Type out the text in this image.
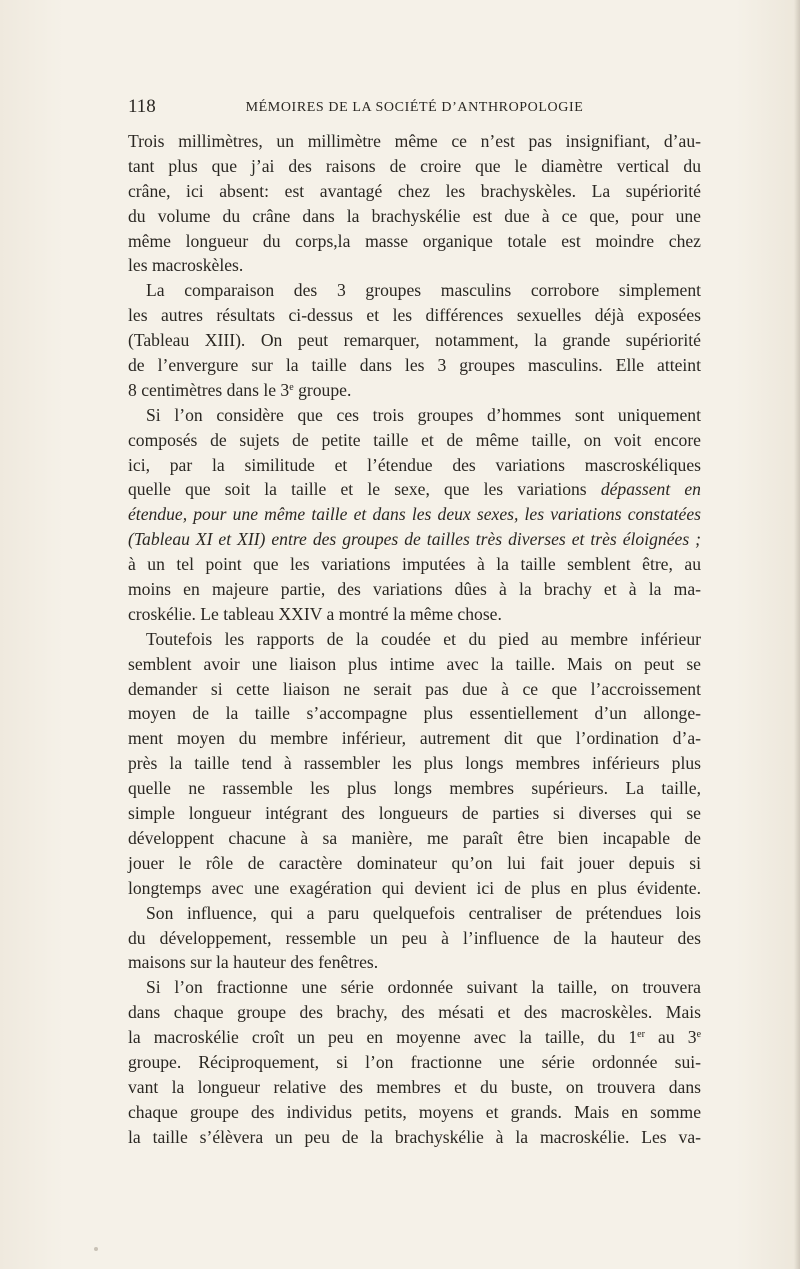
118	MÉMOIRES DE LA SOCIÉTÉ D’ANTHROPOLOGIE
Trois millimètres, un millimètre même ce n’est pas insignifiant, d’au-
tant plus que j’ai des raisons de croire que le diamètre vertical du
crâne, ici absent: est avantagé chez les brachyskèles. La supériorité
du volume du crâne dans la brachyskélie est due à ce que, pour une
même longueur du corps,la masse organique totale est moindre chez
les macroskèles.
La comparaison des 3 groupes masculins corrobore simplement
les autres résultats ci-dessus et les différences sexuelles déjà exposées
(Tableau XIII). On peut remarquer, notamment, la grande supériorité
de l’envergure sur la taille dans les 3 groupes masculins. Elle atteint
8 centimètres dans le 3e groupe.
Si l’on considère que ces trois groupes d’hommes sont uniquement
composés de sujets de petite taille et de même taille, on voit encore
ici, par la similitude et l’étendue des variations mascroskéliques
quelle que soit la taille et le sexe, que les variations dépassent en
étendue, pour une même taille et dans les deux sexes, les variations constatées
(Tableau XI et XII) entre des groupes de tailles très diverses et très éloignées ;
à un tel point que les variations imputées à la taille semblent être, au
moins en majeure partie, des variations dûes à la brachy et à la ma-
croskélie. Le tableau XXIV a montré la même chose.
Toutefois les rapports de la coudée et du pied au membre inférieur
semblent avoir une liaison plus intime avec la taille. Mais on peut se
demander si cette liaison ne serait pas due à ce que l’accroissement
moyen de la taille s’accompagne plus essentiellement d’un allonge-
ment moyen du membre inférieur, autrement dit que l’ordination d’a-
près la taille tend à rassembler les plus longs membres inférieurs plus
quelle ne rassemble les plus longs membres supérieurs. La taille,
simple longueur intégrant des longueurs de parties si diverses qui se
développent chacune à sa manière, me paraît être bien incapable de
jouer le rôle de caractère dominateur qu’on lui fait jouer depuis si
longtemps avec une exagération qui devient ici de plus en plus évidente.
Son influence, qui a paru quelquefois centraliser de prétendues lois
du développement, ressemble un peu à l’influence de la hauteur des
maisons sur la hauteur des fenêtres.
Si l’on fractionne une série ordonnée suivant la taille, on trouvera
dans chaque groupe des brachy, des mésati et des macroskèles. Mais
la macroskélie croît un peu en moyenne avec la taille, du 1er au 3e
groupe. Réciproquement, si l’on fractionne une série ordonnée sui-
vant la longueur relative des membres et du buste, on trouvera dans
chaque groupe des individus petits, moyens et grands. Mais en somme
la taille s’élèvera un peu de la brachyskélie à la macroskélie. Les va-
